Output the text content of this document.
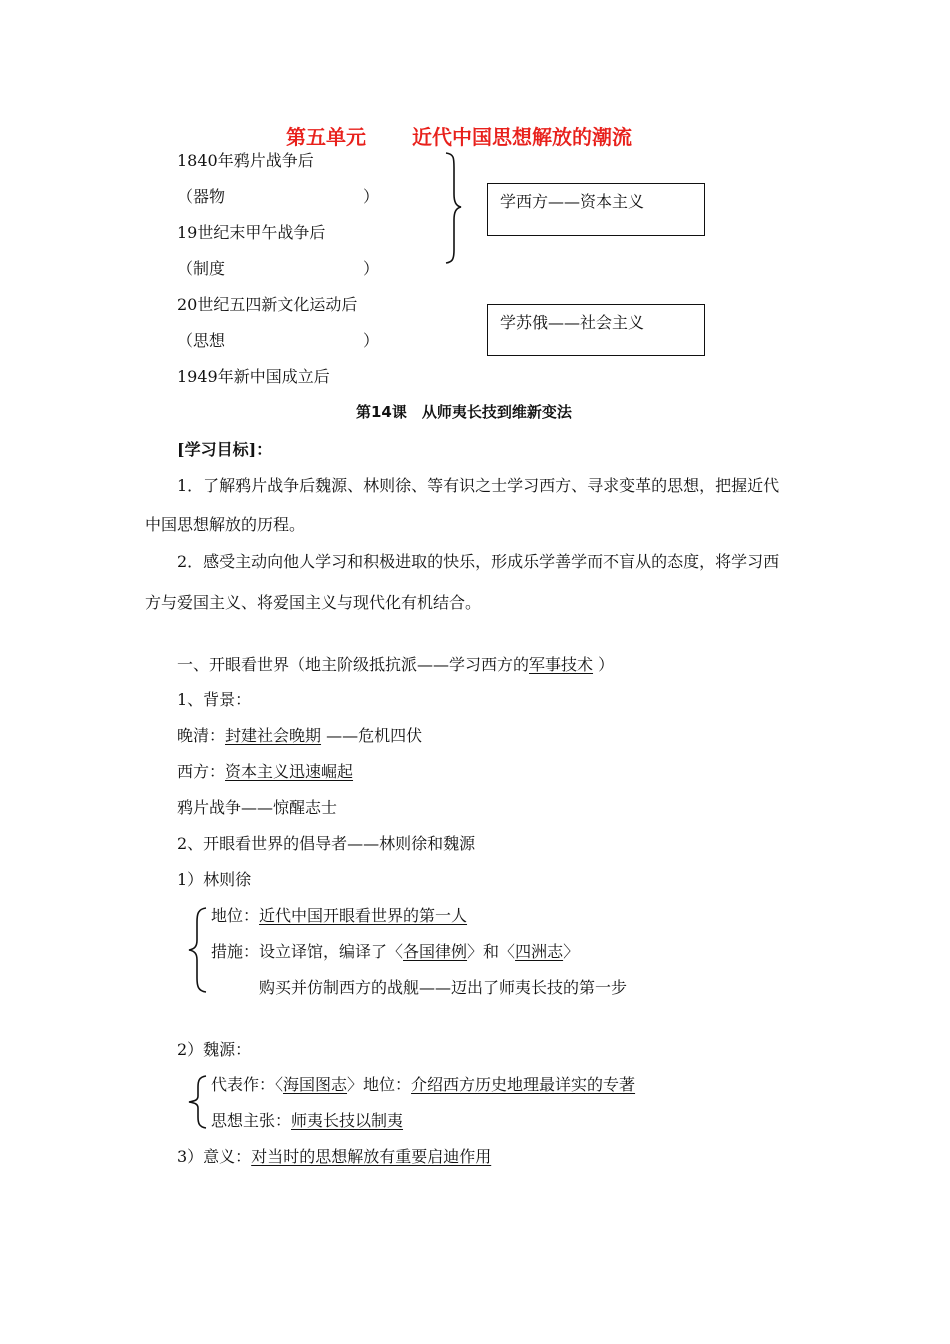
第五单元 近代中国思想解放的潮流
1840年鸦片战争后
（器物	）
19世纪末甲午战争后
（制度	）
20世纪五四新文化运动后
（思想	）
1949年新中国成立后
学西方——资本主义
学苏俄——社会主义
第14课　从师夷长技到维新变法
[学习目标]：
1．了解鸦片战争后魏源、林则徐、等有识之士学习西方、寻求变革的思想，把握近代
中国思想解放的历程。
2．感受主动向他人学习和积极进取的快乐，形成乐学善学而不盲从的态度，将学习西
方与爱国主义、将爱国主义与现代化有机结合。
一、开眼看世界（地主阶级抵抗派——学习西方的军事技术 ）
1、背景：
晚清：封建社会晚期 ——危机四伏
西方：资本主义迅速崛起
鸦片战争——惊醒志士
2、开眼看世界的倡导者——林则徐和魏源
1）林则徐
地位：近代中国开眼看世界的第一人
措施：设立译馆，编译了〈各国律例〉和〈四洲志〉
购买并仿制西方的战舰——迈出了师夷长技的第一步
2）魏源：
代表作：〈海国图志〉地位：介绍西方历史地理最详实的专著
思想主张：师夷长技以制夷
3）意义：对当时的思想解放有重要启迪作用
